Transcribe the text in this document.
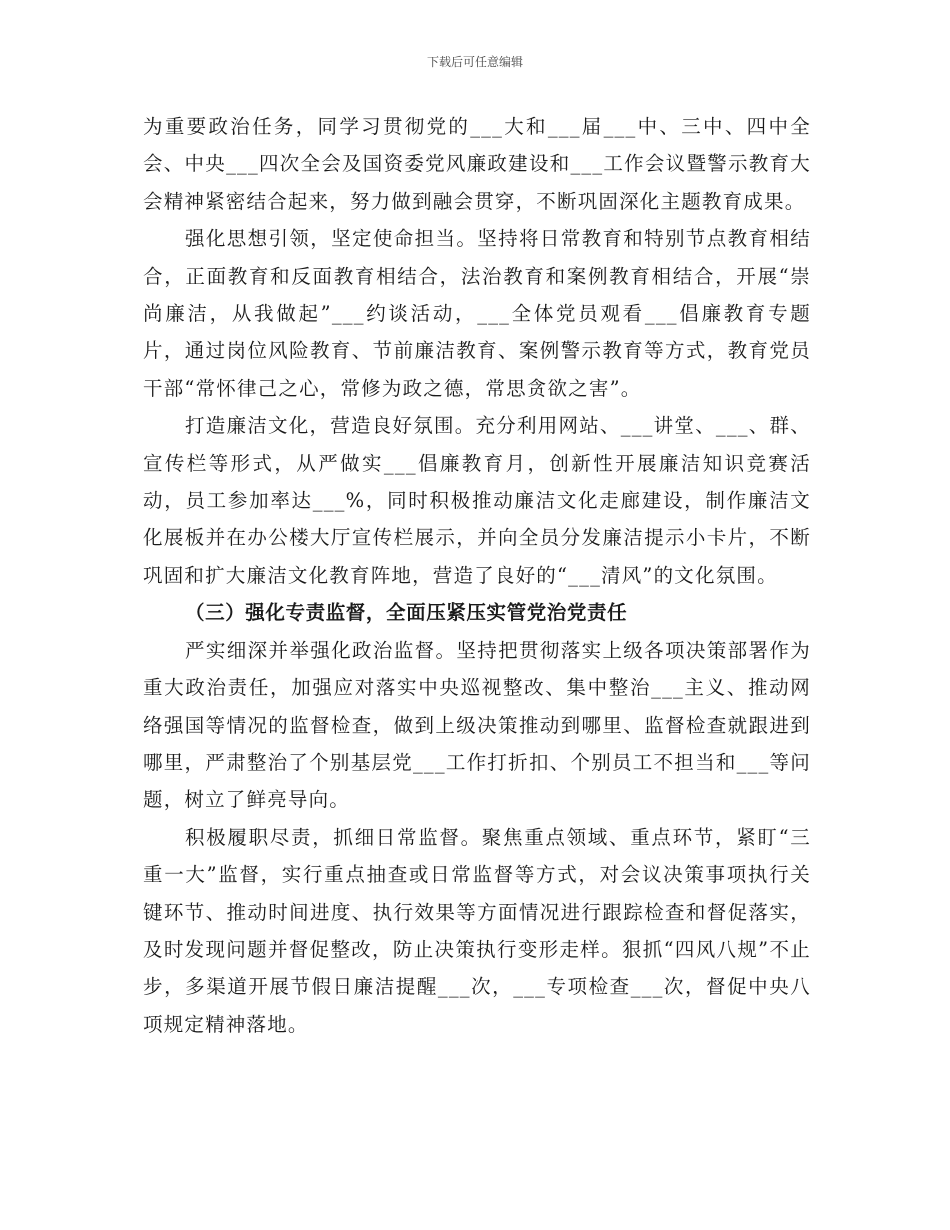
下载后可任意编辑

为重要政治任务，同学习贯彻党的___大和___届___中、三中、四中全会、中央___四次全会及国资委党风廉政建设和___工作会议暨警示教育大会精神紧密结合起来，努力做到融会贯穿，不断巩固深化主题教育成果。

强化思想引领，坚定使命担当。坚持将日常教育和特别节点教育相结合，正面教育和反面教育相结合，法治教育和案例教育相结合，开展“崇尚廉洁，从我做起”___约谈活动，___全体党员观看___倡廉教育专题片，通过岗位风险教育、节前廉洁教育、案例警示教育等方式，教育党员干部“常怀律己之心，常修为政之德，常思贪欲之害”。

打造廉洁文化，营造良好氛围。充分利用网站、___讲堂、___、群、宣传栏等形式，从严做实___倡廉教育月，创新性开展廉洁知识竞赛活动，员工参加率达___%，同时积极推动廉洁文化走廊建设，制作廉洁文化展板并在办公楼大厅宣传栏展示，并向全员分发廉洁提示小卡片，不断巩固和扩大廉洁文化教育阵地，营造了良好的“___清风”的文化氛围。

（三）强化专责监督，全面压紧压实管党治党责任

严实细深并举强化政治监督。坚持把贯彻落实上级各项决策部署作为重大政治责任，加强应对落实中央巡视整改、集中整治___主义、推动网络强国等情况的监督检查，做到上级决策推动到哪里、监督检查就跟进到哪里，严肃整治了个别基层党___工作打折扣、个别员工不担当和___等问题，树立了鲜亮导向。

积极履职尽责，抓细日常监督。聚焦重点领域、重点环节，紧盯“三重一大”监督，实行重点抽查或日常监督等方式，对会议决策事项执行关键环节、推动时间进度、执行效果等方面情况进行跟踪检查和督促落实，及时发现问题并督促整改，防止决策执行变形走样。狠抓“四风八规”不止步，多渠道开展节假日廉洁提醒___次，___专项检查___次，督促中央八项规定精神落地。
